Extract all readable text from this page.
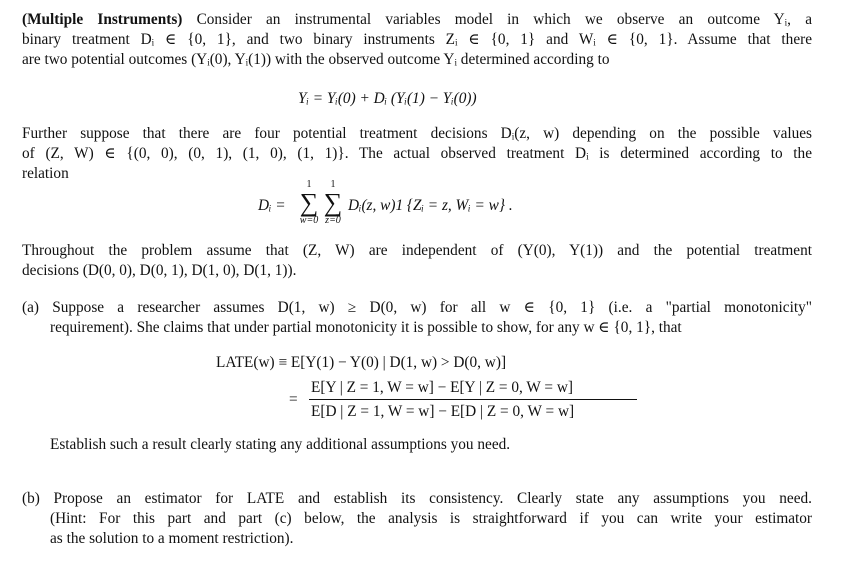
(Multiple Instruments) Consider an instrumental variables model in which we observe an outcome Yᵢ, a
binary treatment Dᵢ ∈ {0, 1}, and two binary instruments Zᵢ ∈ {0, 1} and Wᵢ ∈ {0, 1}. Assume that there
are two potential outcomes (Yᵢ(0), Yᵢ(1)) with the observed outcome Yᵢ determined according to
Yᵢ = Yᵢ(0) + Dᵢ (Yᵢ(1) − Yᵢ(0))
Further suppose that there are four potential treatment decisions Dᵢ(z, w) depending on the possible values
of (Z, W) ∈ {(0, 0), (0, 1), (1, 0), (1, 1)}. The actual observed treatment Dᵢ is determined according to the
relation
Dᵢ =
1
∑
w=0
1
∑
z=0
Dᵢ(z, w)1 {Zᵢ = z, Wᵢ = w} .
Throughout the problem assume that (Z, W) are independent of (Y(0), Y(1)) and the potential treatment
decisions (D(0, 0), D(0, 1), D(1, 0), D(1, 1)).
(a) Suppose a researcher assumes D(1, w) ≥ D(0, w) for all w ∈ {0, 1} (i.e. a "partial monotonicity"
requirement). She claims that under partial monotonicity it is possible to show, for any w ∈ {0, 1}, that
LATE(w) ≡ E[Y(1) − Y(0) | D(1, w) > D(0, w)]
=
E[Y | Z = 1, W = w] − E[Y | Z = 0, W = w]
E[D | Z = 1, W = w] − E[D | Z = 0, W = w]
Establish such a result clearly stating any additional assumptions you need.
(b) Propose an estimator for LATE and establish its consistency. Clearly state any assumptions you need.
(Hint: For this part and part (c) below, the analysis is straightforward if you can write your estimator
as the solution to a moment restriction).
